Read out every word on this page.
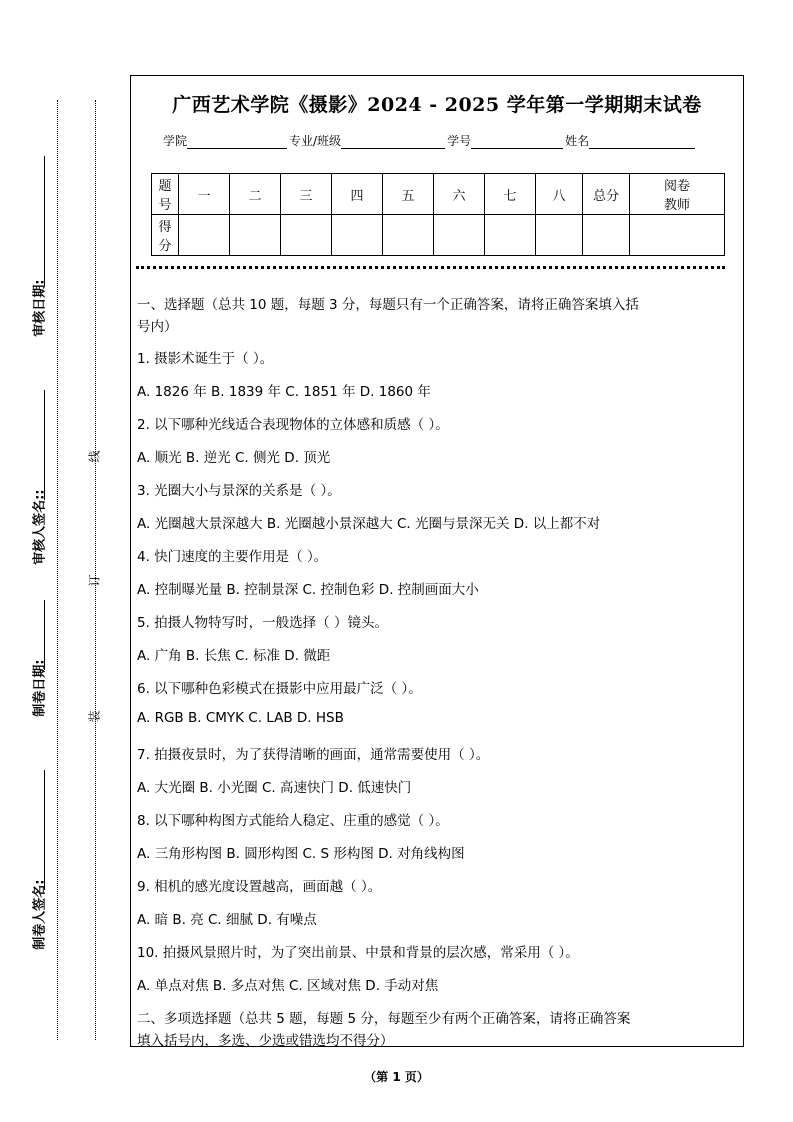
审核日期:
审核人签名::
制卷日期:
制卷人签名:
线
订
装
广西艺术学院《摄影》2024 - 2025 学年第一学期期末试卷
学院	专业/班级	学号	姓名
题
号	一	二	三	四	五	六	七	八	总分	阅卷
教师
得
分										
一、选择题（总共 10 题，每题 3 分，每题只有一个正确答案，请将正确答案填入括
号内）
1. 摄影术诞生于（ ）。
A. 1826 年 B. 1839 年 C. 1851 年 D. 1860 年
2. 以下哪种光线适合表现物体的立体感和质感（ ）。
A. 顺光 B. 逆光 C. 侧光 D. 顶光
3. 光圈大小与景深的关系是（ ）。
A. 光圈越大景深越大 B. 光圈越小景深越大 C. 光圈与景深无关 D. 以上都不对
4. 快门速度的主要作用是（ ）。
A. 控制曝光量 B. 控制景深 C. 控制色彩 D. 控制画面大小
5. 拍摄人物特写时，一般选择（ ）镜头。
A. 广角 B. 长焦 C. 标准 D. 微距
6. 以下哪种色彩模式在摄影中应用最广泛（ ）。
A. RGB B. CMYK C. LAB D. HSB
7. 拍摄夜景时，为了获得清晰的画面，通常需要使用（ ）。
A. 大光圈 B. 小光圈 C. 高速快门 D. 低速快门
8. 以下哪种构图方式能给人稳定、庄重的感觉（ ）。
A. 三角形构图 B. 圆形构图 C. S 形构图 D. 对角线构图
9. 相机的感光度设置越高，画面越（ ）。
A. 暗 B. 亮 C. 细腻 D. 有噪点
10. 拍摄风景照片时，为了突出前景、中景和背景的层次感，常采用（ ）。
A. 单点对焦 B. 多点对焦 C. 区域对焦 D. 手动对焦
二、多项选择题（总共 5 题，每题 5 分，每题至少有两个正确答案，请将正确答案
填入括号内，多选、少选或错选均不得分）
（第 1 页）
